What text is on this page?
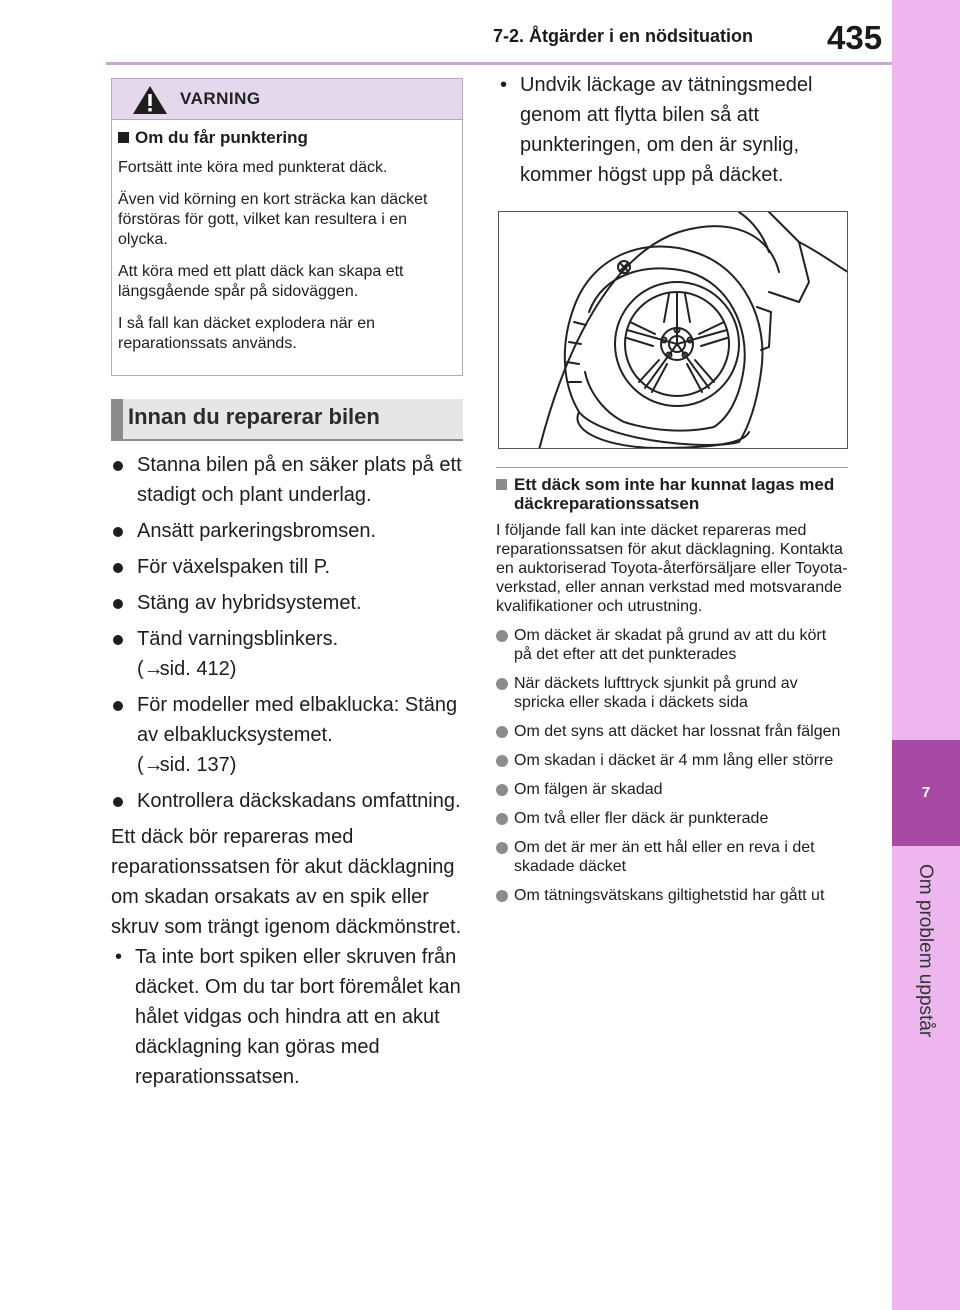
7-2. Åtgärder i en nödsituation 435
7
Om problem uppstår
VARNING
Om du får punktering

Fortsätt inte köra med punkterat däck.

Även vid körning en kort sträcka kan däcket förstöras för gott, vilket kan resultera i en olycka.

Att köra med ett platt däck kan skapa ett längsgående spår på sidoväggen.

I så fall kan däcket explodera när en reparationssats används.

Innan du reparerar bilen
Stanna bilen på en säker plats på ett stadigt och plant underlag.
Ansätt parkeringsbromsen.
För växelspaken till P.
Stäng av hybridsystemet.
Tänd varningsblinkers.
(→sid. 412)
För modeller med elbaklucka: Stäng av elbaklucksystemet.
(→sid. 137)
Kontrollera däckskadans omfattning.

Ett däck bör repareras med reparationssatsen för akut däcklagning om skadan orsakats av en spik eller skruv som trängt igenom däckmönstret.

• Ta inte bort spiken eller skruven från däcket. Om du tar bort föremålet kan hålet vidgas och hindra att en akut däcklagning kan göras med reparationssatsen.
• Undvik läckage av tätningsmedel genom att flytta bilen så att punkteringen, om den är synlig, kommer högst upp på däcket.
Ett däck som inte har kunnat lagas med däckreparationssatsen

I följande fall kan inte däcket repareras med reparationssatsen för akut däcklagning. Kontakta en auktoriserad Toyota-återförsäljare eller Toyota-verkstad, eller annan verkstad med motsvarande kvalifikationer och utrustning.

Om däcket är skadat på grund av att du kört på det efter att det punkterades
När däckets lufttryck sjunkit på grund av spricka eller skada i däckets sida
Om det syns att däcket har lossnat från fälgen
Om skadan i däcket är 4 mm lång eller större
Om fälgen är skadad
Om två eller fler däck är punkterade
Om det är mer än ett hål eller en reva i det skadade däcket
Om tätningsvätskans giltighetstid har gått ut
